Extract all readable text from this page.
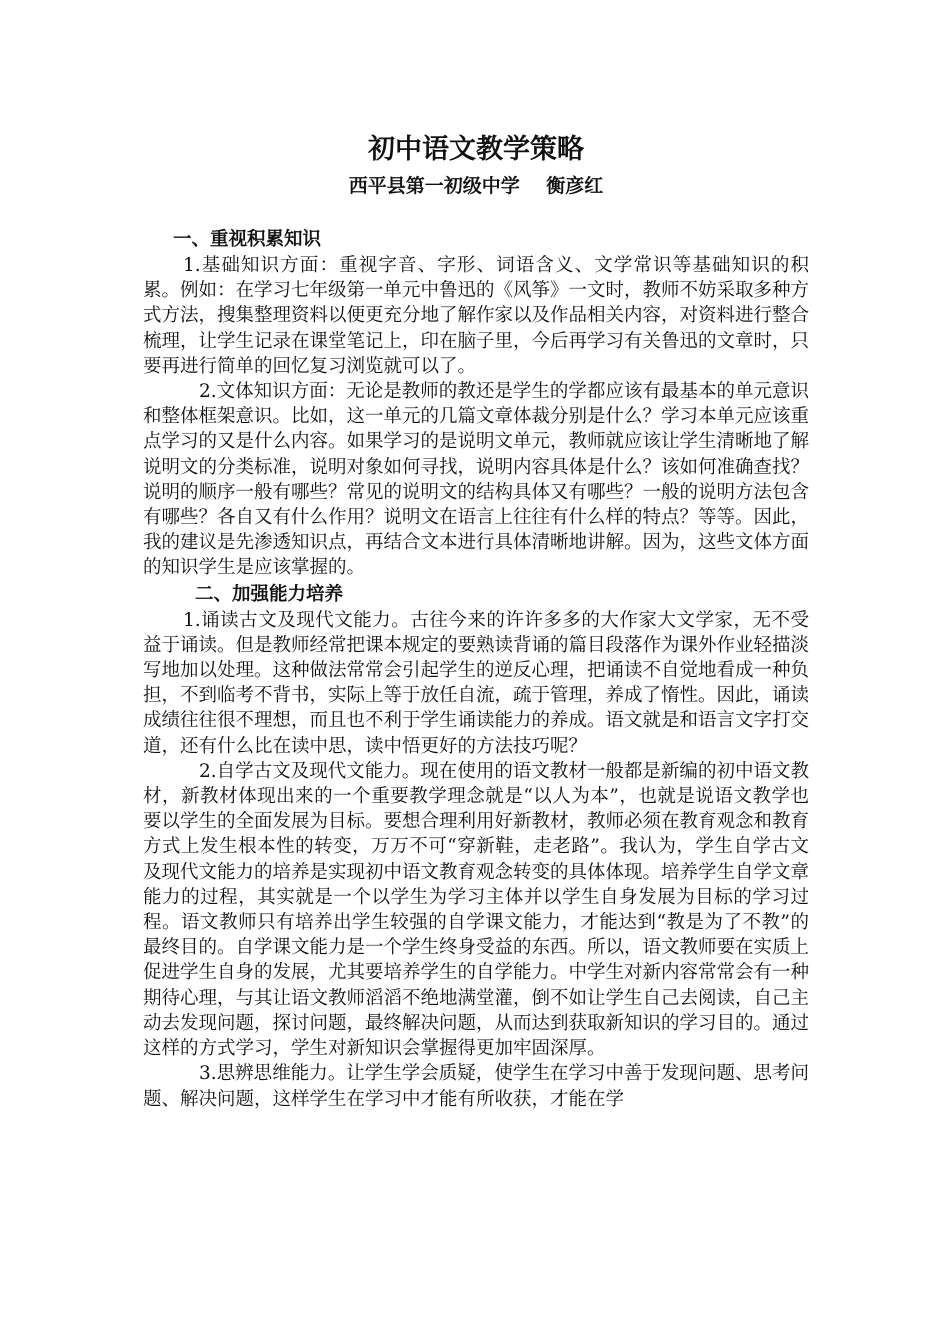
初中语文教学策略
西平县第一初级中学    衡彦红
一、重视积累知识

1.基础知识方面：重视字音、字形、词语含义、文学常识等基础知识的积累。例如：在学习七年级第一单元中鲁迅的《风筝》一文时，教师不妨采取多种方式方法，搜集整理资料以便更充分地了解作家以及作品相关内容，对资料进行整合梳理，让学生记录在课堂笔记上，印在脑子里，今后再学习有关鲁迅的文章时，只要再进行简单的回忆复习浏览就可以了。

2.文体知识方面：无论是教师的教还是学生的学都应该有最基本的单元意识和整体框架意识。比如，这一单元的几篇文章体裁分别是什么？学习本单元应该重点学习的又是什么内容。如果学习的是说明文单元，教师就应该让学生清晰地了解说明文的分类标准，说明对象如何寻找，说明内容具体是什么？该如何准确查找？说明的顺序一般有哪些？常见的说明文的结构具体又有哪些？一般的说明方法包含有哪些？各自又有什么作用？说明文在语言上往往有什么样的特点？等等。因此，我的建议是先渗透知识点，再结合文本进行具体清晰地讲解。因为，这些文体方面的知识学生是应该掌握的。

二、加强能力培养

1.诵读古文及现代文能力。古往今来的许许多多的大作家大文学家，无不受益于诵读。但是教师经常把课本规定的要熟读背诵的篇目段落作为课外作业轻描淡写地加以处理。这种做法常常会引起学生的逆反心理，把诵读不自觉地看成一种负担，不到临考不背书，实际上等于放任自流，疏于管理，养成了惰性。因此，诵读成绩往往很不理想，而且也不利于学生诵读能力的养成。语文就是和语言文字打交道，还有什么比在读中思，读中悟更好的方法技巧呢？

2.自学古文及现代文能力。现在使用的语文教材一般都是新编的初中语文教材，新教材体现出来的一个重要教学理念就是“以人为本”，也就是说语文教学也要以学生的全面发展为目标。要想合理利用好新教材，教师必须在教育观念和教育方式上发生根本性的转变，万万不可“穿新鞋，走老路”。我认为，学生自学古文及现代文能力的培养是实现初中语文教育观念转变的具体体现。培养学生自学文章能力的过程，其实就是一个以学生为学习主体并以学生自身发展为目标的学习过程。语文教师只有培养出学生较强的自学课文能力，才能达到“教是为了不教”的最终目的。自学课文能力是一个学生终身受益的东西。所以，语文教师要在实质上促进学生自身的发展，尤其要培养学生的自学能力。中学生对新内容常常会有一种期待心理，与其让语文教师滔滔不绝地满堂灌，倒不如让学生自己去阅读，自己主动去发现问题，探讨问题，最终解决问题，从而达到获取新知识的学习目的。通过这样的方式学习，学生对新知识会掌握得更加牢固深厚。

3.思辨思维能力。让学生学会质疑，使学生在学习中善于发现问题、思考问题、解决问题，这样学生在学习中才能有所收获，才能在学
